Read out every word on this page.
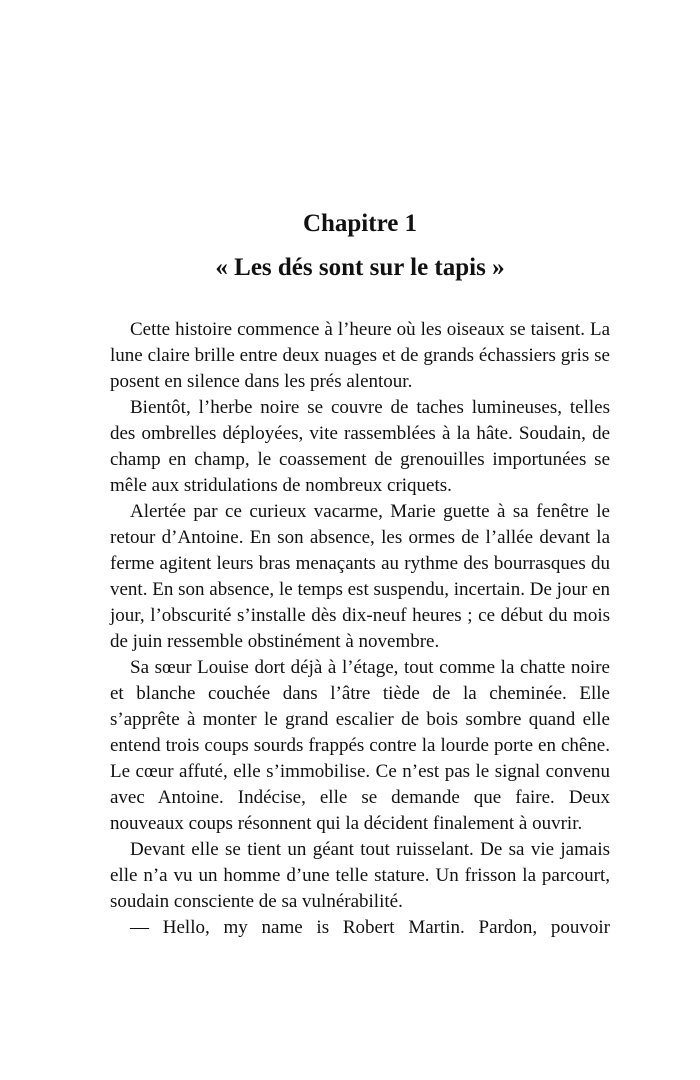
Chapitre 1
« Les dés sont sur le tapis »

Cette histoire commence à l’heure où les oiseaux se taisent. La lune claire brille entre deux nuages et de grands échassiers gris se posent en silence dans les prés alentour.

Bientôt, l’herbe noire se couvre de taches lumineuses, telles des ombrelles déployées, vite rassemblées à la hâte. Soudain, de champ en champ, le coassement de grenouilles importunées se mêle aux stridulations de nombreux criquets.

Alertée par ce curieux vacarme, Marie guette à sa fenêtre le retour d’Antoine. En son absence, les ormes de l’allée devant la ferme agitent leurs bras menaçants au rythme des bourrasques du vent. En son absence, le temps est suspendu, incertain. De jour en jour, l’obscurité s’installe dès dix-neuf heures ; ce début du mois de juin ressemble obstinément à novembre.

Sa sœur Louise dort déjà à l’étage, tout comme la chatte noire et blanche couchée dans l’âtre tiède de la cheminée. Elle s’apprête à monter le grand escalier de bois sombre quand elle entend trois coups sourds frappés contre la lourde porte en chêne. Le cœur affuté, elle s’immobilise. Ce n’est pas le signal convenu avec Antoine. Indécise, elle se demande que faire. Deux nouveaux coups résonnent qui la décident finalement à ouvrir.

Devant elle se tient un géant tout ruisselant. De sa vie jamais elle n’a vu un homme d’une telle stature. Un frisson la parcourt, soudain consciente de sa vulnérabilité.

— Hello, my name is Robert Martin. Pardon, pouvoir
